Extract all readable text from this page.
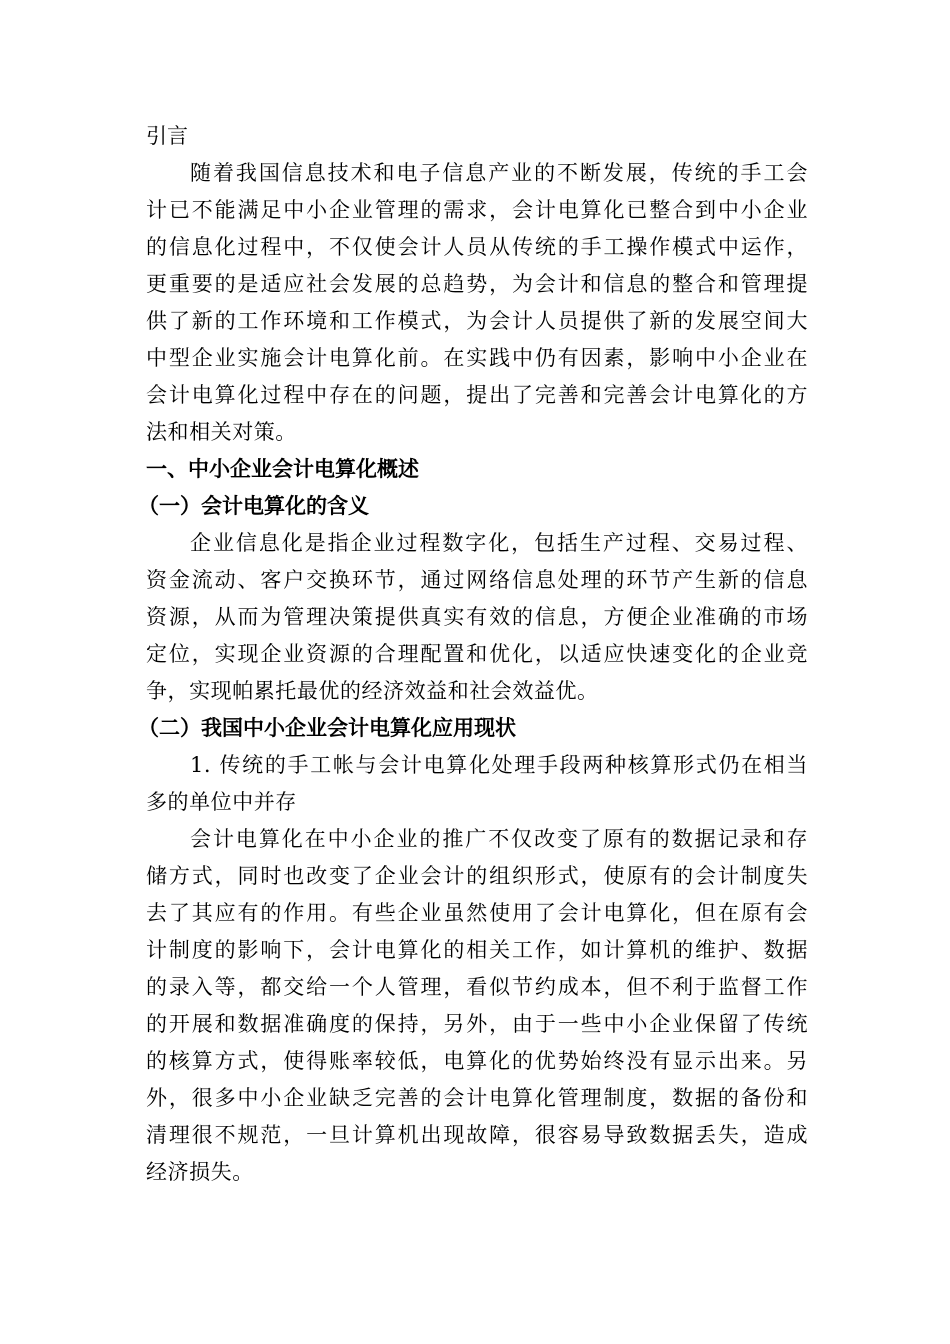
引言

随着我国信息技术和电子信息产业的不断发展，传统的手工会
计已不能满足中小企业管理的需求，会计电算化已整合到中小企业
的信息化过程中，不仅使会计人员从传统的手工操作模式中运作，
更重要的是适应社会发展的总趋势，为会计和信息的整合和管理提
供了新的工作环境和工作模式，为会计人员提供了新的发展空间大
中型企业实施会计电算化前。在实践中仍有因素，影响中小企业在
会计电算化过程中存在的问题，提出了完善和完善会计电算化的方
法和相关对策。

一、中小企业会计电算化概述

（一）会计电算化的含义

企业信息化是指企业过程数字化，包括生产过程、交易过程、
资金流动、客户交换环节，通过网络信息处理的环节产生新的信息
资源，从而为管理决策提供真实有效的信息，方便企业准确的市场
定位，实现企业资源的合理配置和优化，以适应快速变化的企业竞
争，实现帕累托最优的经济效益和社会效益优。

（二）我国中小企业会计电算化应用现状

1. 传统的手工帐与会计电算化处理手段两种核算形式仍在相当
多的单位中并存
会计电算化在中小企业的推广不仅改变了原有的数据记录和存
储方式，同时也改变了企业会计的组织形式，使原有的会计制度失
去了其应有的作用。有些企业虽然使用了会计电算化，但在原有会
计制度的影响下，会计电算化的相关工作，如计算机的维护、数据
的录入等，都交给一个人管理，看似节约成本，但不利于监督工作
的开展和数据准确度的保持，另外，由于一些中小企业保留了传统
的核算方式，使得账率较低，电算化的优势始终没有显示出来。另
外，很多中小企业缺乏完善的会计电算化管理制度，数据的备份和
清理很不规范，一旦计算机出现故障，很容易导致数据丢失，造成
经济损失。
